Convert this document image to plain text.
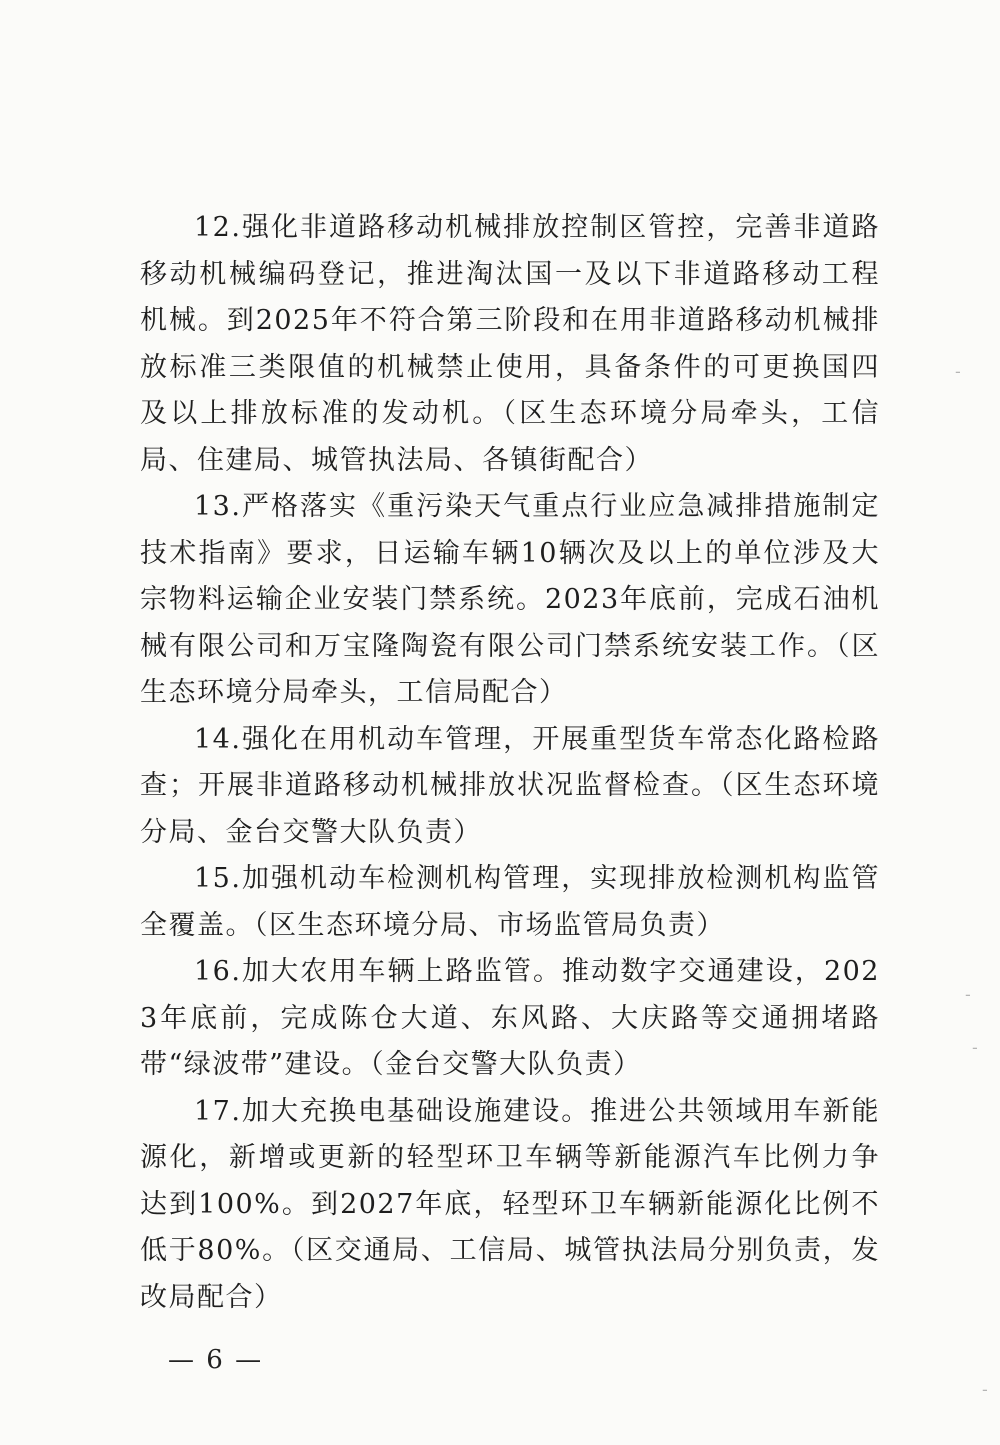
12.强化非道路移动机械排放控制区管控，完善非道路移动机械编码登记，推进淘汰国一及以下非道路移动工程机械。到2025年不符合第三阶段和在用非道路移动机械排放标准三类限值的机械禁止使用，具备条件的可更换国四及以上排放标准的发动机。（区生态环境分局牵头，工信局、住建局、城管执法局、各镇街配合）

13.严格落实《重污染天气重点行业应急减排措施制定技术指南》要求，日运输车辆10辆次及以上的单位涉及大宗物料运输企业安装门禁系统。2023年底前，完成石油机械有限公司和万宝隆陶瓷有限公司门禁系统安装工作。（区生态环境分局牵头，工信局配合）

14.强化在用机动车管理，开展重型货车常态化路检路查；开展非道路移动机械排放状况监督检查。（区生态环境分局、金台交警大队负责）

15.加强机动车检测机构管理，实现排放检测机构监管全覆盖。（区生态环境分局、市场监管局负责）

16.加大农用车辆上路监管。推动数字交通建设，2023年底前，完成陈仓大道、东风路、大庆路等交通拥堵路带“绿波带”建设。（金台交警大队负责）

17.加大充换电基础设施建设。推进公共领域用车新能源化，新增或更新的轻型环卫车辆等新能源汽车比例力争达到100%。到2027年底，轻型环卫车辆新能源化比例不低于80%。（区交通局、工信局、城管执法局分别负责，发改局配合）

— 6 —
-
-
-
-
